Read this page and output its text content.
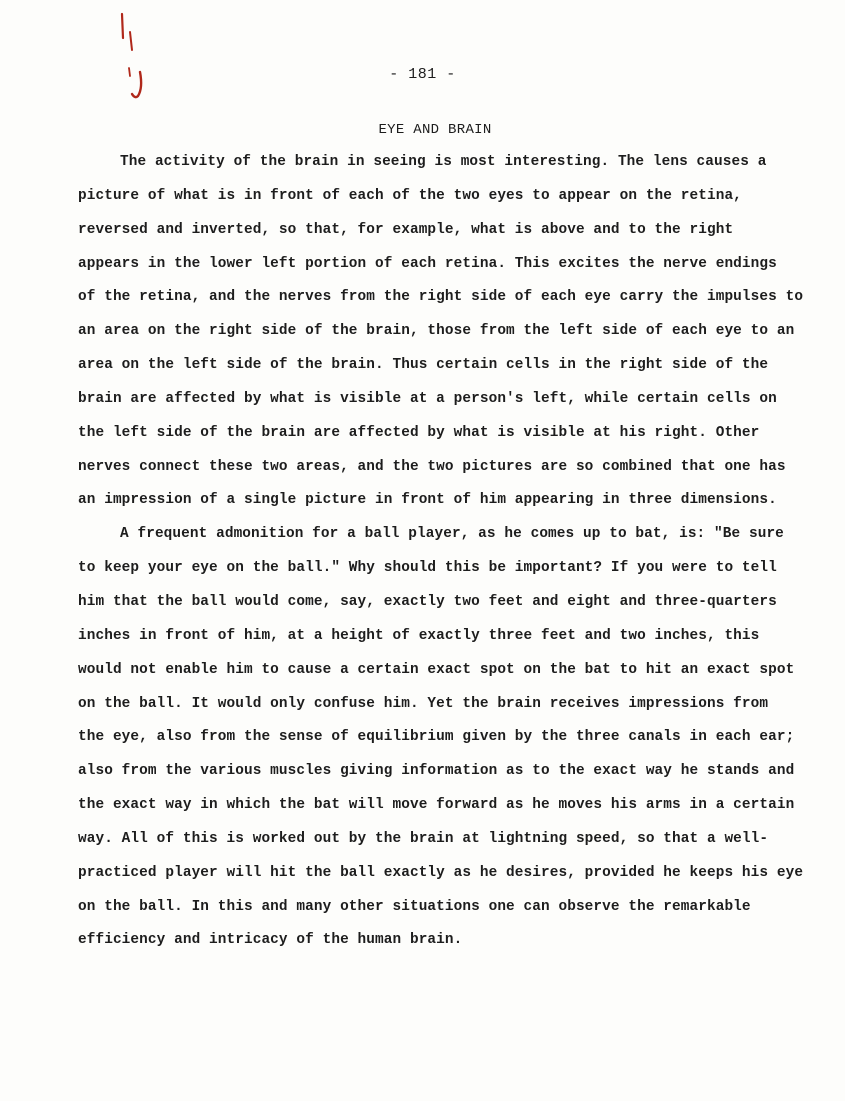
- 181 -
EYE AND BRAIN
The activity of the brain in seeing is most interesting. The lens causes a
picture of what is in front of each of the two eyes to appear on the retina,
reversed and inverted, so that, for example, what is above and to the right
appears in the lower left portion of each retina. This excites the nerve endings
of the retina, and the nerves from the right side of each eye carry the impulses to
an area on the right side of the brain, those from the left side of each eye to an
area on the left side of the brain. Thus certain cells in the right side of the
brain are affected by what is visible at a person's left, while certain cells on
the left side of the brain are affected by what is visible at his right. Other
nerves connect these two areas, and the two pictures are so combined that one has
an impression of a single picture in front of him appearing in three dimensions.
A frequent admonition for a ball player, as he comes up to bat, is: "Be sure
to keep your eye on the ball." Why should this be important? If you were to tell
him that the ball would come, say, exactly two feet and eight and three-quarters
inches in front of him, at a height of exactly three feet and two inches, this
would not enable him to cause a certain exact spot on the bat to hit an exact spot
on the ball. It would only confuse him. Yet the brain receives impressions from
the eye, also from the sense of equilibrium given by the three canals in each ear;
also from the various muscles giving information as to the exact way he stands and
the exact way in which the bat will move forward as he moves his arms in a certain
way. All of this is worked out by the brain at lightning speed, so that a well-
practiced player will hit the ball exactly as he desires, provided he keeps his eye
on the ball. In this and many other situations one can observe the remarkable
efficiency and intricacy of the human brain.
